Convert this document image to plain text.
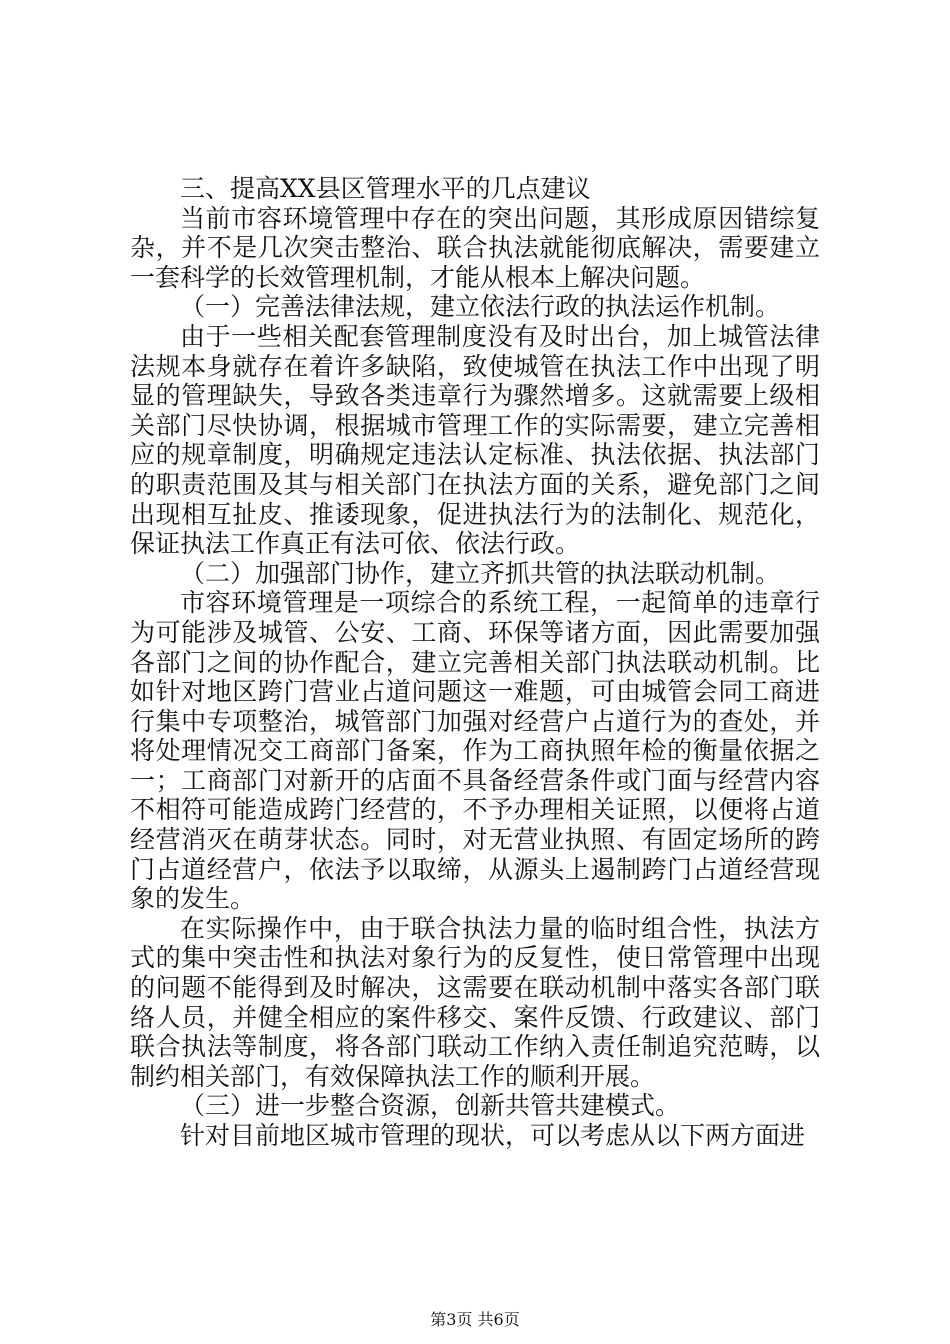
三、提高XX县区管理水平的几点建议
当前市容环境管理中存在的突出问题，其形成原因错综复
杂，并不是几次突击整治、联合执法就能彻底解决，需要建立
一套科学的长效管理机制，才能从根本上解决问题。
（一）完善法律法规，建立依法行政的执法运作机制。
由于一些相关配套管理制度没有及时出台，加上城管法律
法规本身就存在着许多缺陷，致使城管在执法工作中出现了明
显的管理缺失，导致各类违章行为骤然增多。这就需要上级相
关部门尽快协调，根据城市管理工作的实际需要，建立完善相
应的规章制度，明确规定违法认定标准、执法依据、执法部门
的职责范围及其与相关部门在执法方面的关系，避免部门之间
出现相互扯皮、推诿现象，促进执法行为的法制化、规范化，
保证执法工作真正有法可依、依法行政。
（二）加强部门协作，建立齐抓共管的执法联动机制。
市容环境管理是一项综合的系统工程，一起简单的违章行
为可能涉及城管、公安、工商、环保等诸方面，因此需要加强
各部门之间的协作配合，建立完善相关部门执法联动机制。比
如针对地区跨门营业占道问题这一难题，可由城管会同工商进
行集中专项整治，城管部门加强对经营户占道行为的查处，并
将处理情况交工商部门备案，作为工商执照年检的衡量依据之
一；工商部门对新开的店面不具备经营条件或门面与经营内容
不相符可能造成跨门经营的，不予办理相关证照，以便将占道
经营消灭在萌芽状态。同时，对无营业执照、有固定场所的跨
门占道经营户，依法予以取缔，从源头上遏制跨门占道经营现
象的发生。
在实际操作中，由于联合执法力量的临时组合性，执法方
式的集中突击性和执法对象行为的反复性，使日常管理中出现
的问题不能得到及时解决，这需要在联动机制中落实各部门联
络人员，并健全相应的案件移交、案件反馈、行政建议、部门
联合执法等制度，将各部门联动工作纳入责任制追究范畴，以
制约相关部门，有效保障执法工作的顺利开展。
（三）进一步整合资源，创新共管共建模式。
针对目前地区城市管理的现状，可以考虑从以下两方面进
第3页 共6页
